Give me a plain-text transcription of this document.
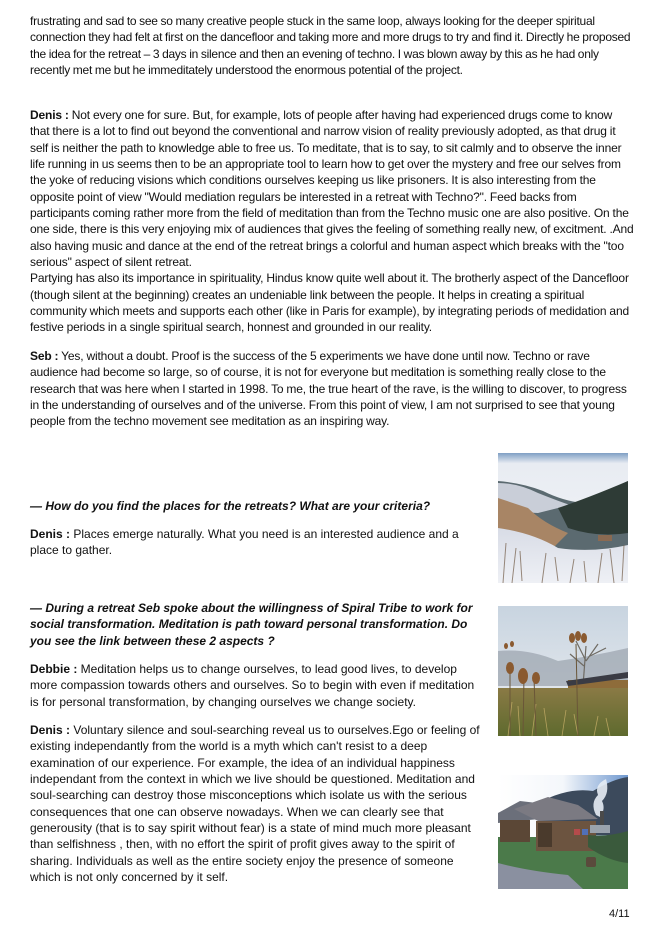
frustrating and sad to see so many creative people stuck in the same loop, always looking for the deeper spiritual connection they had felt at first on the dancefloor and taking more and more drugs to try and find it. Directly he proposed the idea for the retreat – 3 days in silence and then an evening of techno. I was blown away by this as he had only recently met me but he immeditately understood the enormous potential of the project.

Denis : Not every one for sure. But, for example, lots of people after having had experienced drugs come to know that there is a lot to find out beyond the conventional and narrow vision of reality previously adopted, as that drug it self is neither the path to knowledge able to free us. To meditate, that is to say, to sit calmly and to observe the inner life running in us seems then to be an appropriate tool to learn how to get over the mystery and free our selves from the yoke of reducing visions which conditions ourselves keeping us like prisoners. It is also interesting from the opposite point of view "Would mediation regulars be interested in a retreat with Techno?". Feed backs from participants coming rather more from the field of meditation than from the Techno music one are also positive. On the one side, there is this very enjoying mix of audiences that gives the feeling of something really new, of excitment. .And also having music and dance at the end of the retreat brings a colorful and human aspect which breaks with the "too serious" aspect of silent retreat.
Partying has also its importance in spirituality, Hindus know quite well about it. The brotherly aspect of the Dancefloor (though silent at the beginning) creates an undeniable link between the people. It helps in creating a spiritual community which meets and supports each other (like in Paris for example), by integrating periods of medidation and festive periods in a single spiritual search, honnest and grounded in our reality.

Seb : Yes, without a doubt. Proof is the success of the 5 experiments we have done until now. Techno or rave audience had become so large, so of course, it is not for everyone but meditation is something really close to the research that was here when I started in 1998. To me, the true heart of the rave, is the willing to discover, to progress in the understanding of ourselves and of the universe. From this point of view, I am not surprised to see that young people from the techno movement see meditation as an inspiring way.

— How do you find the places for the retreats? What are your criteria?

Denis : Places emerge naturally. What you need is an interested audience and a place to gather.

— During a retreat Seb spoke about the willingness of Spiral Tribe to work for social transformation. Meditation is path toward personal transformation. Do you see the link between these 2 aspects ?

Debbie : Meditation helps us to change ourselves, to lead good lives, to develop more compassion towards others and ourselves. So to begin with even if meditation is for personal transformation, by changing ourselves we change society.

Denis : Voluntary silence and soul-searching reveal us to ourselves.Ego or feeling of existing independantly from the world is a myth which can't resist to a deep examination of our experience. For example, the idea of an individual happiness independant from the context in which we live should be questioned. Meditation and soul-searching can destroy those misconceptions which isolate us with the serious consequences that one can observe nowadays. When we can clearly see that generousity (that is to say spirit without fear) is a state of mind much more pleasant than selfishness , then, with no effort the spirit of profit gives away to the spirit of sharing. Individuals as well as the entire society enjoy the presence of someone which is not only concerned by it self.

4/11
